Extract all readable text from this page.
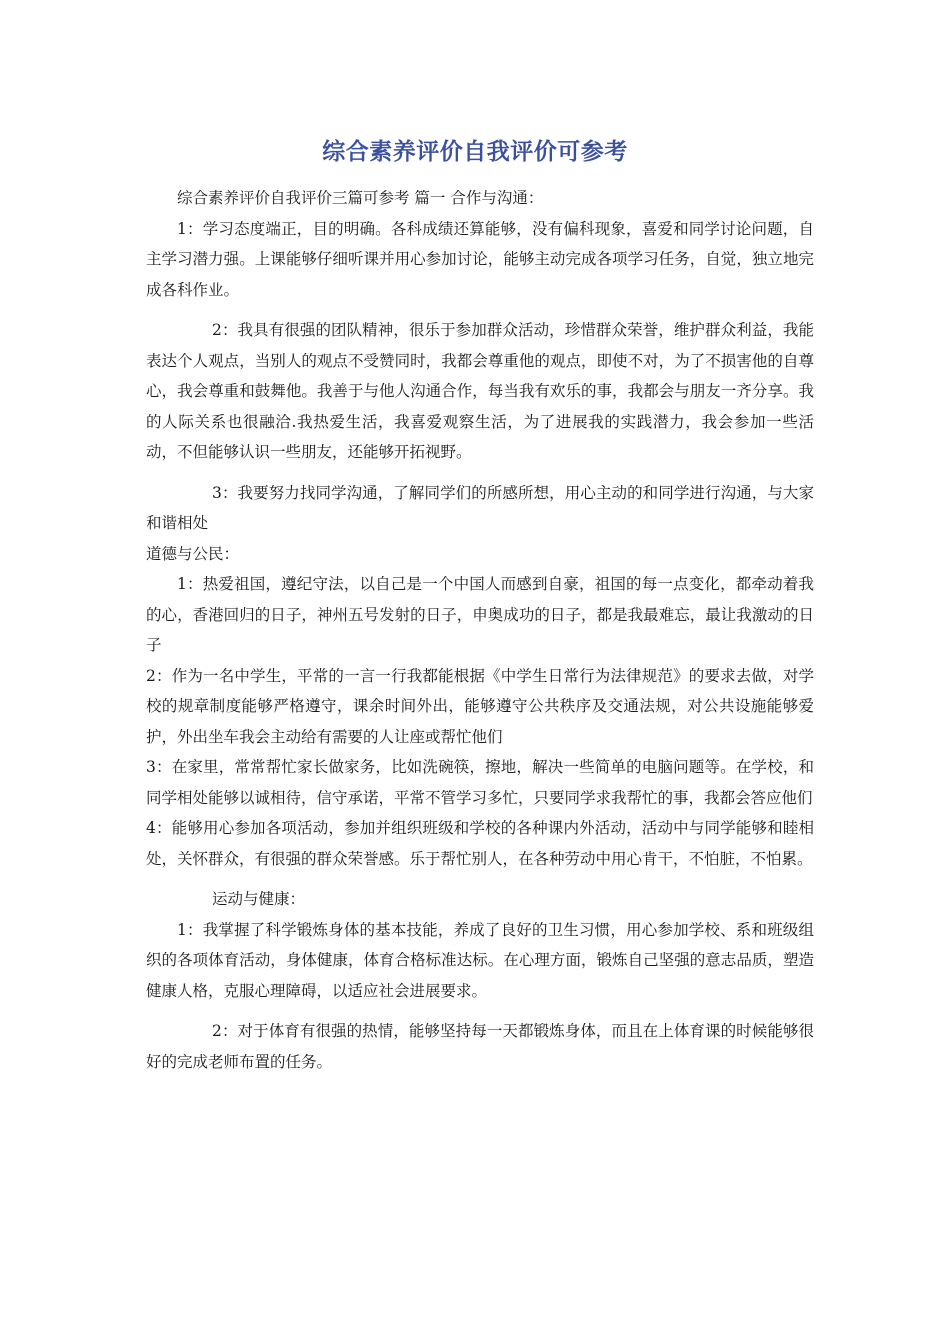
综合素养评价自我评价可参考

综合素养评价自我评价三篇可参考 篇一 合作与沟通：

1：学习态度端正，目的明确。各科成绩还算能够，没有偏科现象，喜爱和同学讨论问题，自主学习潜力强。上课能够仔细听课并用心参加讨论，能够主动完成各项学习任务，自觉，独立地完成各科作业。

2：我具有很强的团队精神，很乐于参加群众活动，珍惜群众荣誉，维护群众利益，我能表达个人观点，当别人的观点不受赞同时，我都会尊重他的观点，即使不对，为了不损害他的自尊心，我会尊重和鼓舞他。我善于与他人沟通合作，每当我有欢乐的事，我都会与朋友一齐分享。我的人际关系也很融洽.我热爱生活，我喜爱观察生活，为了进展我的实践潜力，我会参加一些活动，不但能够认识一些朋友，还能够开拓视野。

3：我要努力找同学沟通，了解同学们的所感所想，用心主动的和同学进行沟通，与大家和谐相处

道德与公民：

1：热爱祖国，遵纪守法，以自己是一个中国人而感到自豪，祖国的每一点变化，都牵动着我的心，香港回归的日子，神州五号发射的日子，申奥成功的日子，都是我最难忘，最让我激动的日子

2：作为一名中学生，平常的一言一行我都能根据《中学生日常行为法律规范》的要求去做，对学校的规章制度能够严格遵守，课余时间外出，能够遵守公共秩序及交通法规，对公共设施能够爱护，外出坐车我会主动给有需要的人让座或帮忙他们

3：在家里，常常帮忙家长做家务，比如洗碗筷，擦地，解决一些简单的电脑问题等。在学校，和同学相处能够以诚相待，信守承诺，平常不管学习多忙，只要同学求我帮忙的事，我都会答应他们

4：能够用心参加各项活动，参加并组织班级和学校的各种课内外活动，活动中与同学能够和睦相处，关怀群众，有很强的群众荣誉感。乐于帮忙别人，在各种劳动中用心肯干，不怕脏，不怕累。

运动与健康：

1：我掌握了科学锻炼身体的基本技能，养成了良好的卫生习惯，用心参加学校、系和班级组织的各项体育活动，身体健康，体育合格标准达标。在心理方面，锻炼自己坚强的意志品质，塑造健康人格，克服心理障碍，以适应社会进展要求。

2：对于体育有很强的热情，能够坚持每一天都锻炼身体，而且在上体育课的时候能够很好的完成老师布置的任务。
